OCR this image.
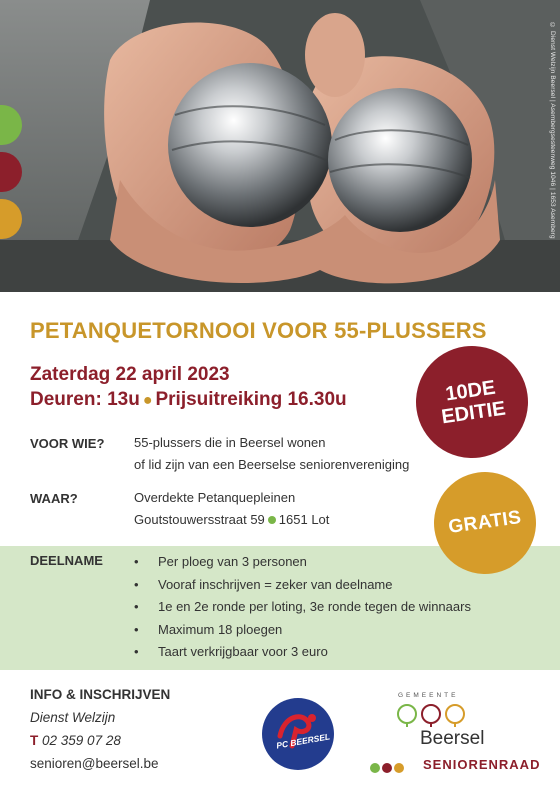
© Dienst Welzijn Beersel | Asembergsesteenweg 1046 | 1653 Asemberg
PETANQUETORNOOI VOOR 55-PLUSSERS
Zaterdag 22 april 2023
Deuren: 13u ● Prijsuitreiking 16.30u	10DE
EDITIE
VOOR WIE? 55-plussers die in Beersel wonen
of lid zijn van een Beerselse seniorenvereniging
WAAR?	Overdekte Petanquepleinen
Goutstouwersstraat 59 1651 Lot
DEELNAME • Per ploeg van 3 personen
• Vooraf inschrijven = zeker van deelname
• 1e en 2e ronde per loting, 3e ronde tegen de winnaars
• Maximum 18 ploegen
• Taart verkrijgbaar voor 3 euro
GRATIS
INFO & INSCHRIJVEN
Dienst Welzijn
T 02 359 07 28
senioren@beersel.be
PC BEERSEL
GEMEENTE
Beersel
SENIORENRAAD
